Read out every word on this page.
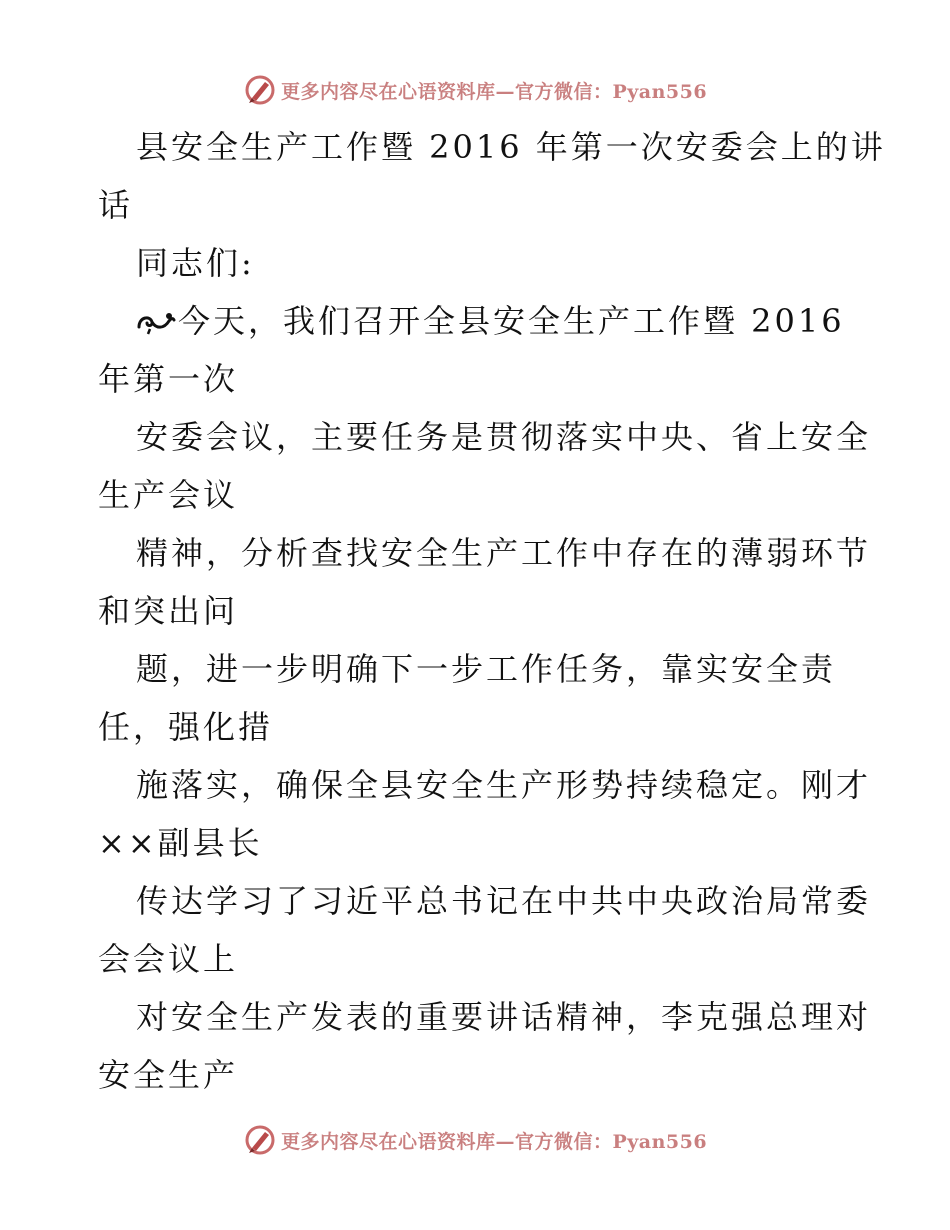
更多内容尽在心语资料库—官方微信：Pyan556
县安全生产工作暨 2016 年第一次安委会上的讲
话
同志们:
今天，我们召开全县安全生产工作暨 2016
年第一次
安委会议，主要任务是贯彻落实中央、省上安全
生产会议
精神，分析查找安全生产工作中存在的薄弱环节
和突出问
题，进一步明确下一步工作任务，靠实安全责
任，强化措
施落实，确保全县安全生产形势持续稳定。刚才
××副县长
传达学习了习近平总书记在中共中央政治局常委
会会议上
对安全生产发表的重要讲话精神，李克强总理对
安全生产
更多内容尽在心语资料库—官方微信：Pyan556
